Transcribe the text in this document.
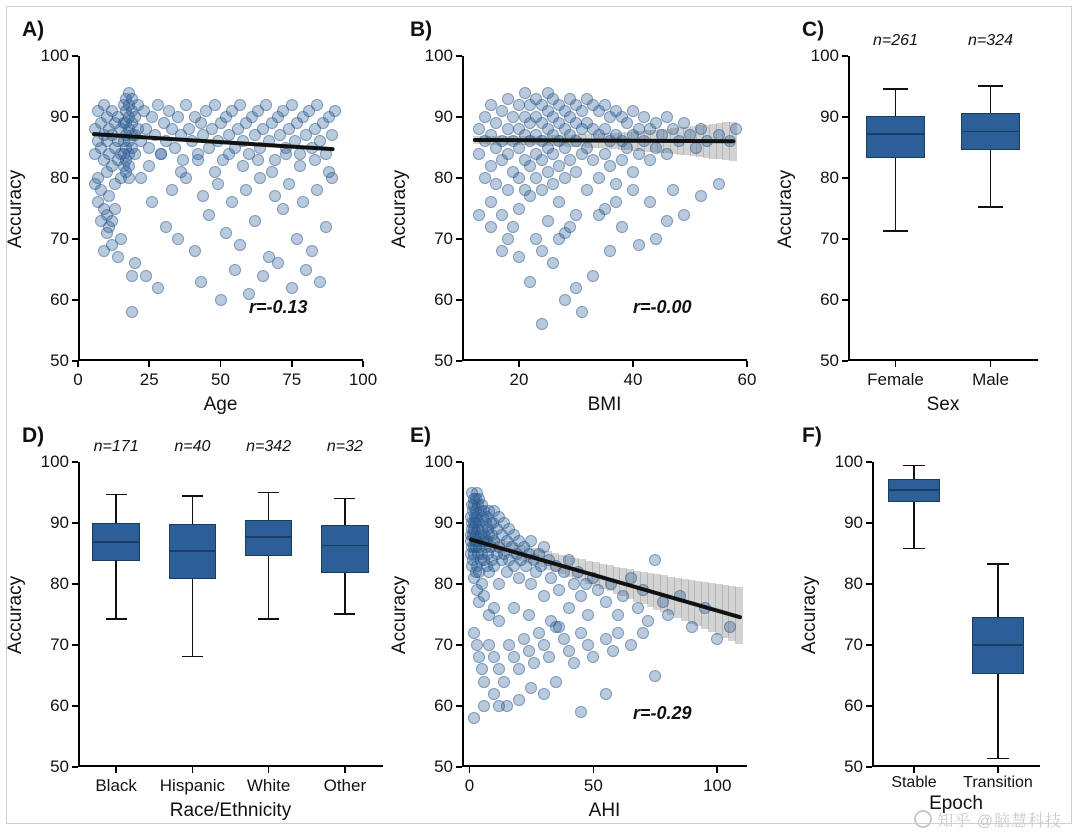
知乎 @脑慧科技
A)
50
60
70
80
90
100
Accuracy
0	25	50	75	100
Age
r=-0.13
B)
50
60
70
80
90
100
Accuracy
20	40	60
BMI
r=-0.00
C)
50
60
70
80
90
100
Accuracy
Female	Male
Sex
n=261	n=324
D)
50
60
70
80
90
100
Accuracy
Black Hispanic White Other
Race/Ethnicity
n=171 n=40 n=342 n=32 E)
50
60
70
80
90
100
Accuracy
0	50	100
AHI
r=-0.29
F)
50
60
70
80
90
100
Accuracy
Stable Transition
Epoch
